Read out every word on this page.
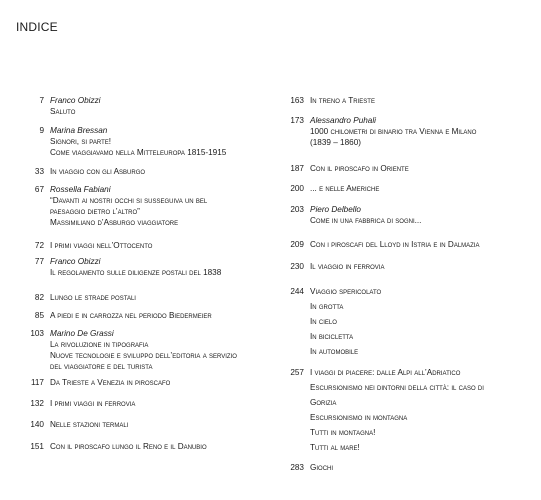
INDICE
7 Franco Obizzi
Saluto
9 Marina Bressan
Signori, si parte!
Come viaggiavamo nella Mitteleuropa 1815-1915
33 In viaggio con gli Asburgo
67 Rossella Fabiani
“Davanti ai nostri occhi si susseguiva un bel
paesaggio dietro l’altro”
Massimiliano d’Asburgo viaggiatore
72 I primi viaggi nell’Ottocento
77 Franco Obizzi
Il regolamento sulle diligenze postali del 1838
82 Lungo le strade postali
85 A piedi e in carrozza nel periodo Biedermeier
103 Marino De Grassi
La rivoluzione in tipografia
Nuove tecnologie e sviluppo dell’editoria a servizio
del viaggiatore e del turista
117 Da Trieste a Venezia in piroscafo
132 I primi viaggi in ferrovia
140 Nelle stazioni termali
151 Con il piroscafo lungo il Reno e il Danubio
163 In treno a Trieste
173 Alessandro Puhali
1000 chilometri di binario tra Vienna e Milano
(1839 – 1860)
187 Con il piroscafo in Oriente
200 ... e nelle Americhe
203 Piero Delbello
Come in una fabbrica di sogni...
209 Con i piroscafi del Lloyd in Istria e in Dalmazia
230 Il viaggio in ferrovia
244 Viaggio spericolato
In grotta
In cielo
In bicicletta
In automobile
257 I viaggi di piacere: dalle Alpi all’Adriatico
Escursionismo nei dintorni della città: il caso di
Gorizia
Escursionismo in montagna
Tutti in montagna!
Tutti al mare!
283 Giochi
